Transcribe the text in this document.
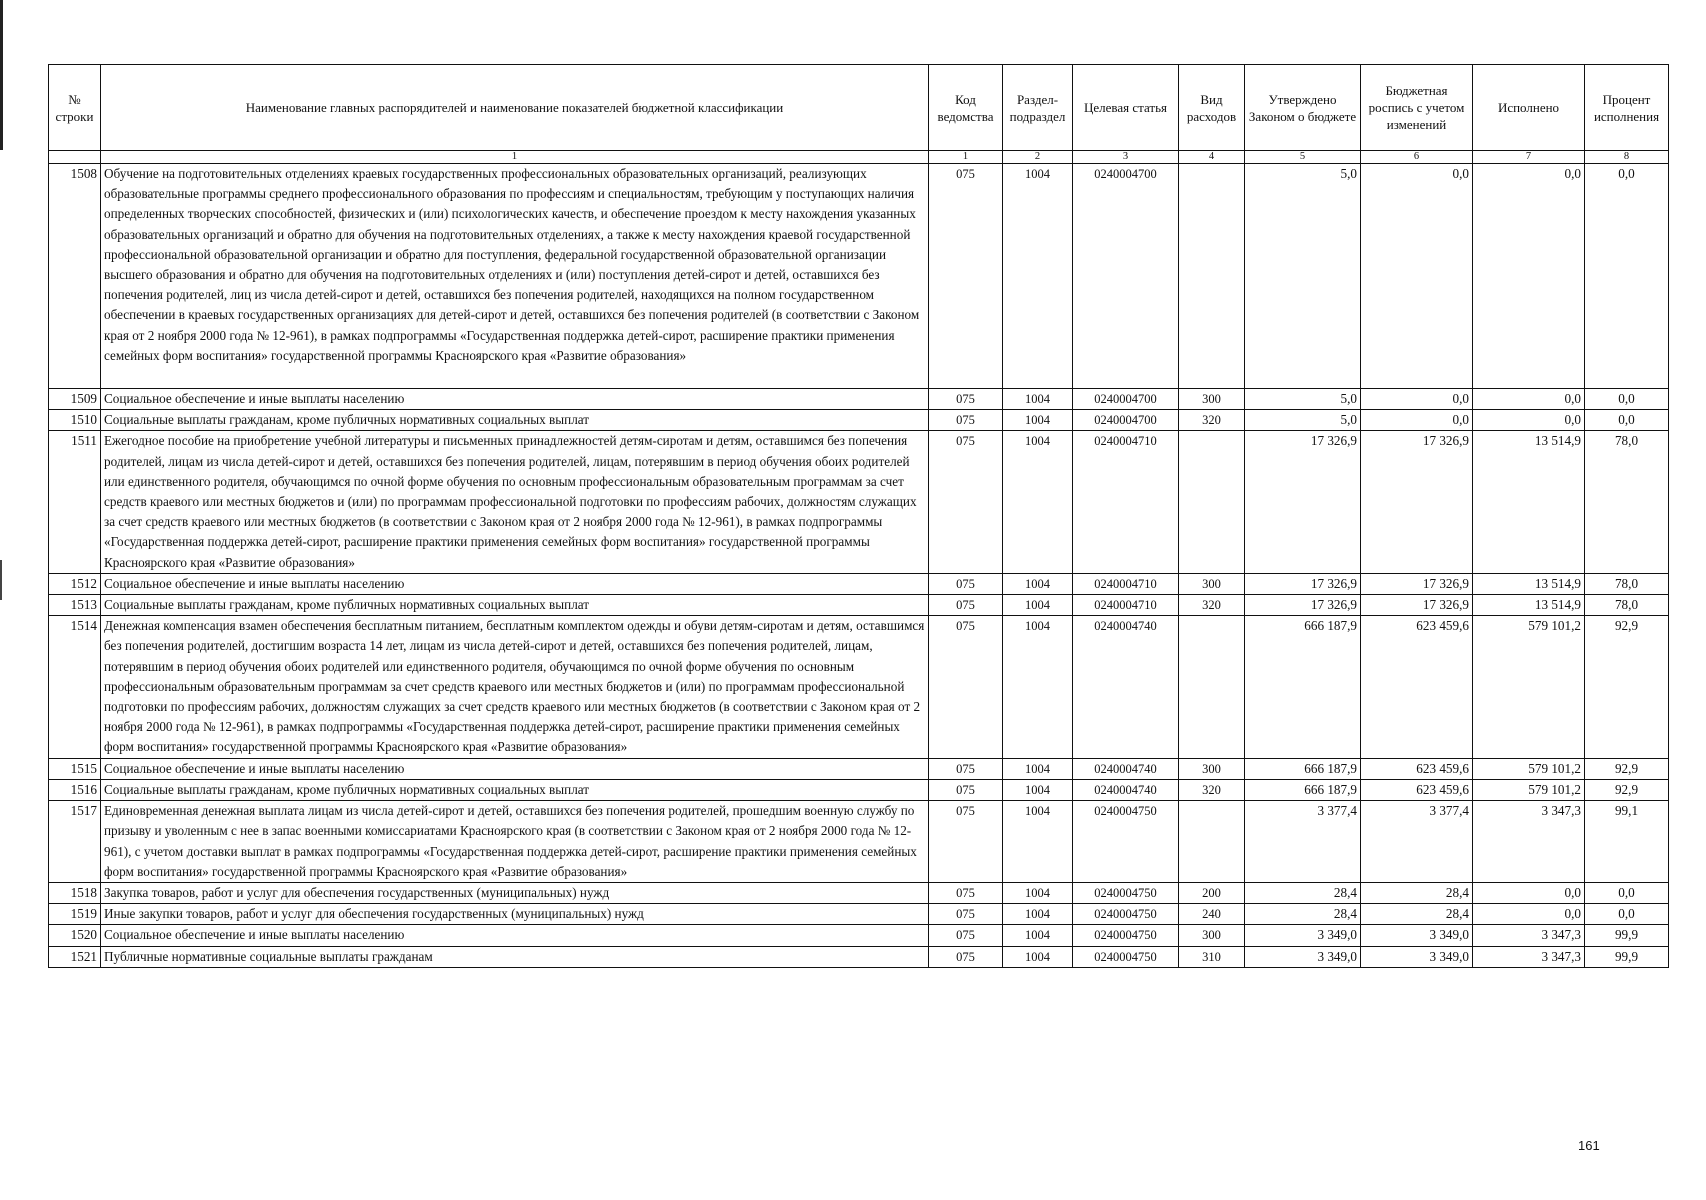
№ строки	Наименование главных распорядителей и наименование показателей бюджетной классификации	Код ведомства	Раздел-подраздел	Целевая статья	Вид расходов	Утверждено Законом о бюджете	Бюджетная роспись с учетом изменений	Исполнено	Процент исполнения
	1	1	2	3	4	5	6	7	8
1508	Обучение на подготовительных отделениях краевых государственных профессиональных образовательных организаций, реализующих образовательные программы среднего профессионального образования по профессиям и специальностям, требующим у поступающих наличия определенных творческих способностей, физических и (или) психологических качеств, и обеспечение проездом к месту нахождения указанных образовательных организаций и обратно для обучения на подготовительных отделениях, а также к месту нахождения краевой государственной профессиональной образовательной организации и обратно для поступления, федеральной государственной образовательной организации высшего образования и обратно для обучения на подготовительных отделениях и (или) поступления детей-сирот и детей, оставшихся без попечения родителей, лиц из числа детей-сирот и детей, оставшихся без попечения родителей, находящихся на полном государственном обеспечении в краевых государственных организациях для детей-сирот и детей, оставшихся без попечения родителей (в соответствии с Законом края от 2 ноября 2000 года № 12-961), в рамках подпрограммы «Государственная поддержка детей-сирот, расширение практики применения семейных форм воспитания» государственной программы Красноярского края «Развитие образования»	075	1004	0240004700		5,0	0,0	0,0	0,0
1509	Социальное обеспечение и иные выплаты населению	075	1004	0240004700	300	5,0	0,0	0,0	0,0
1510	Социальные выплаты гражданам, кроме публичных нормативных социальных выплат	075	1004	0240004700	320	5,0	0,0	0,0	0,0
1511	Ежегодное пособие на приобретение учебной литературы и письменных принадлежностей детям-сиротам и детям, оставшимся без попечения родителей, лицам из числа детей-сирот и детей, оставшихся без попечения родителей, лицам, потерявшим в период обучения обоих родителей или единственного родителя, обучающимся по очной форме обучения по основным профессиональным образовательным программам за счет средств краевого или местных бюджетов и (или) по программам профессиональной подготовки по профессиям рабочих, должностям служащих за счет средств краевого или местных бюджетов (в соответствии с Законом края от 2 ноября 2000 года № 12-961), в рамках подпрограммы «Государственная поддержка детей-сирот, расширение практики применения семейных форм воспитания» государственной программы Красноярского края «Развитие образования»	075	1004	0240004710		17 326,9	17 326,9	13 514,9	78,0
1512	Социальное обеспечение и иные выплаты населению	075	1004	0240004710	300	17 326,9	17 326,9	13 514,9	78,0
1513	Социальные выплаты гражданам, кроме публичных нормативных социальных выплат	075	1004	0240004710	320	17 326,9	17 326,9	13 514,9	78,0
1514	Денежная компенсация взамен обеспечения бесплатным питанием, бесплатным комплектом одежды и обуви детям-сиротам и детям, оставшимся без попечения родителей, достигшим возраста 14 лет, лицам из числа детей-сирот и детей, оставшихся без попечения родителей, лицам, потерявшим в период обучения обоих родителей или единственного родителя, обучающимся по очной форме обучения по основным профессиональным образовательным программам за счет средств краевого или местных бюджетов и (или) по программам профессиональной подготовки по профессиям рабочих, должностям служащих за счет средств краевого или местных бюджетов (в соответствии с Законом края от 2 ноября 2000 года № 12-961), в рамках подпрограммы «Государственная поддержка детей-сирот, расширение практики применения семейных форм воспитания» государственной программы Красноярского края «Развитие образования»	075	1004	0240004740		666 187,9	623 459,6	579 101,2	92,9
1515	Социальное обеспечение и иные выплаты населению	075	1004	0240004740	300	666 187,9	623 459,6	579 101,2	92,9
1516	Социальные выплаты гражданам, кроме публичных нормативных социальных выплат	075	1004	0240004740	320	666 187,9	623 459,6	579 101,2	92,9
1517	Единовременная денежная выплата лицам из числа детей-сирот и детей, оставшихся без попечения родителей, прошедшим военную службу по призыву и уволенным с нее в запас военными комиссариатами Красноярского края (в соответствии с Законом края от 2 ноября 2000 года № 12-961), с учетом доставки выплат в рамках подпрограммы «Государственная поддержка детей-сирот, расширение практики применения семейных форм воспитания» государственной программы Красноярского края «Развитие образования»	075	1004	0240004750		3 377,4	3 377,4	3 347,3	99,1
1518	Закупка товаров, работ и услуг для обеспечения государственных (муниципальных) нужд	075	1004	0240004750	200	28,4	28,4	0,0	0,0
1519	Иные закупки товаров, работ и услуг для обеспечения государственных (муниципальных) нужд	075	1004	0240004750	240	28,4	28,4	0,0	0,0
1520	Социальное обеспечение и иные выплаты населению	075	1004	0240004750	300	3 349,0	3 349,0	3 347,3	99,9
1521	Публичные нормативные социальные выплаты гражданам	075	1004	0240004750	310	3 349,0	3 349,0	3 347,3	99,9
161
